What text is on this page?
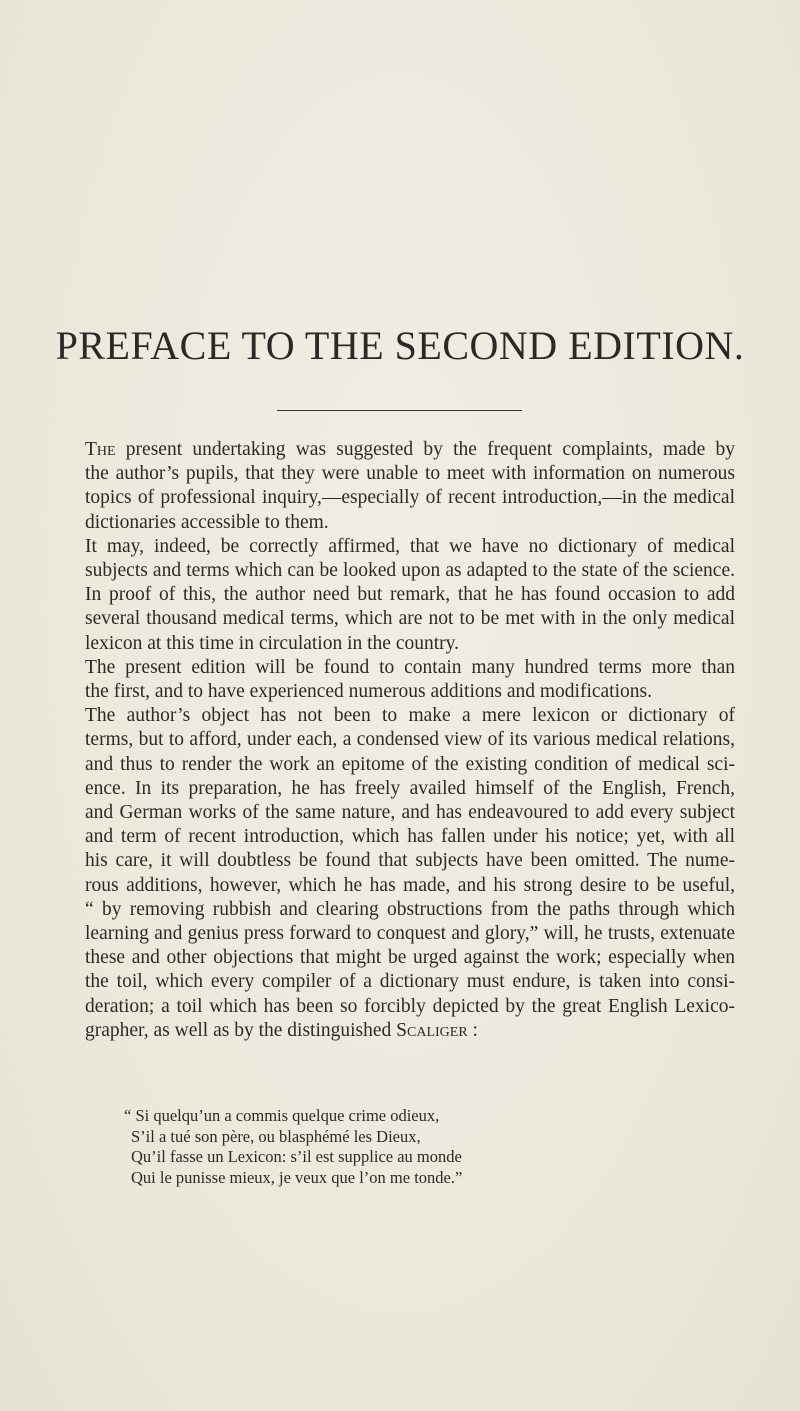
PREFACE TO THE SECOND EDITION.

The present undertaking was suggested by the frequent complaints, made by
the author’s pupils, that they were unable to meet with information on numerous
topics of professional inquiry,—especially of recent introduction,—in the medical
dictionaries accessible to them.

It may, indeed, be correctly affirmed, that we have no dictionary of medical
subjects and terms which can be looked upon as adapted to the state of the science.
In proof of this, the author need but remark, that he has found occasion to add
several thousand medical terms, which are not to be met with in the only medical
lexicon at this time in circulation in the country.

The present edition will be found to contain many hundred terms more than
the first, and to have experienced numerous additions and modifications.

The author’s object has not been to make a mere lexicon or dictionary of
terms, but to afford, under each, a condensed view of its various medical relations,
and thus to render the work an epitome of the existing condition of medical sci-
ence. In its preparation, he has freely availed himself of the English, French,
and German works of the same nature, and has endeavoured to add every subject
and term of recent introduction, which has fallen under his notice; yet, with all
his care, it will doubtless be found that subjects have been omitted. The nume-
rous additions, however, which he has made, and his strong desire to be useful,
“ by removing rubbish and clearing obstructions from the paths through which
learning and genius press forward to conquest and glory,” will, he trusts, extenuate
these and other objections that might be urged against the work; especially when
the toil, which every compiler of a dictionary must endure, is taken into consi-
deration; a toil which has been so forcibly depicted by the great English Lexico-
grapher, as well as by the distinguished Scaliger :

“ Si quelqu’un a commis quelque crime odieux,
S’il a tué son père, ou blasphémé les Dieux,
Qu’il fasse un Lexicon: s’il est supplice au monde
Qui le punisse mieux, je veux que l’on me tonde.”
